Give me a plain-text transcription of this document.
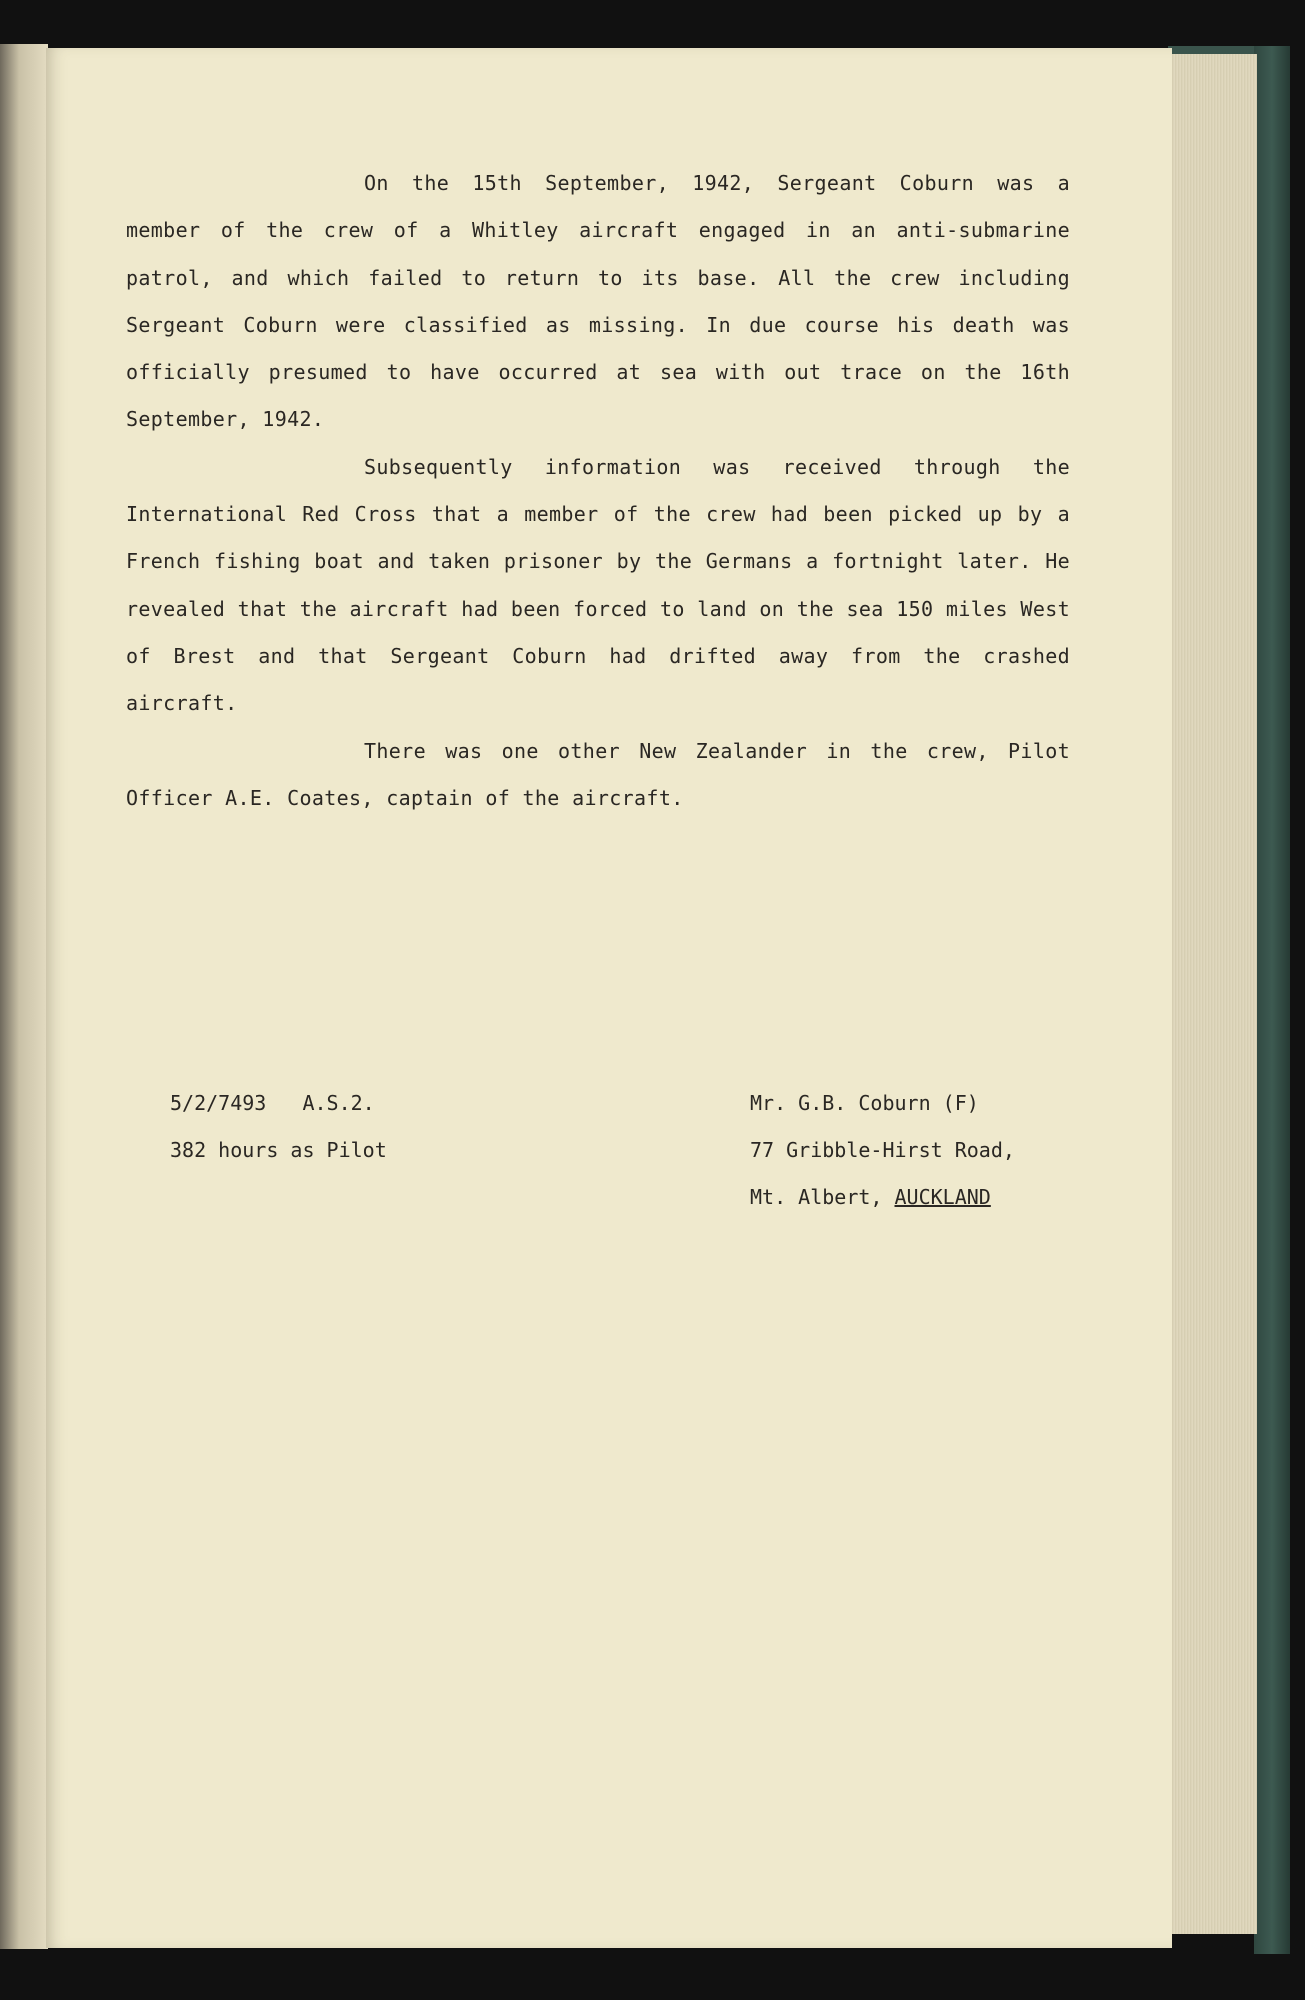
On the 15th September, 1942, Sergeant Coburn was a member of the crew of a Whitley aircraft engaged in an anti-submarine patrol, and which failed to return to its base. All the crew including Sergeant Coburn were classified as missing. In due course his death was officially presumed to have occurred at sea with out trace on the 16th September, 1942.

Subsequently information was received through the International Red Cross that a member of the crew had been picked up by a French fishing boat and taken prisoner by the Germans a fortnight later. He revealed that the aircraft had been forced to land on the sea 150 miles West of Brest and that Sergeant Coburn had drifted away from the crashed aircraft.

There was one other New Zealander in the crew, Pilot Officer A.E. Coates, captain of the aircraft.

5/2/7493   A.S.2.
382 hours as Pilot
Mr. G.B. Coburn (F)
77 Gribble-Hirst Road,
Mt. Albert, AUCKLAND
